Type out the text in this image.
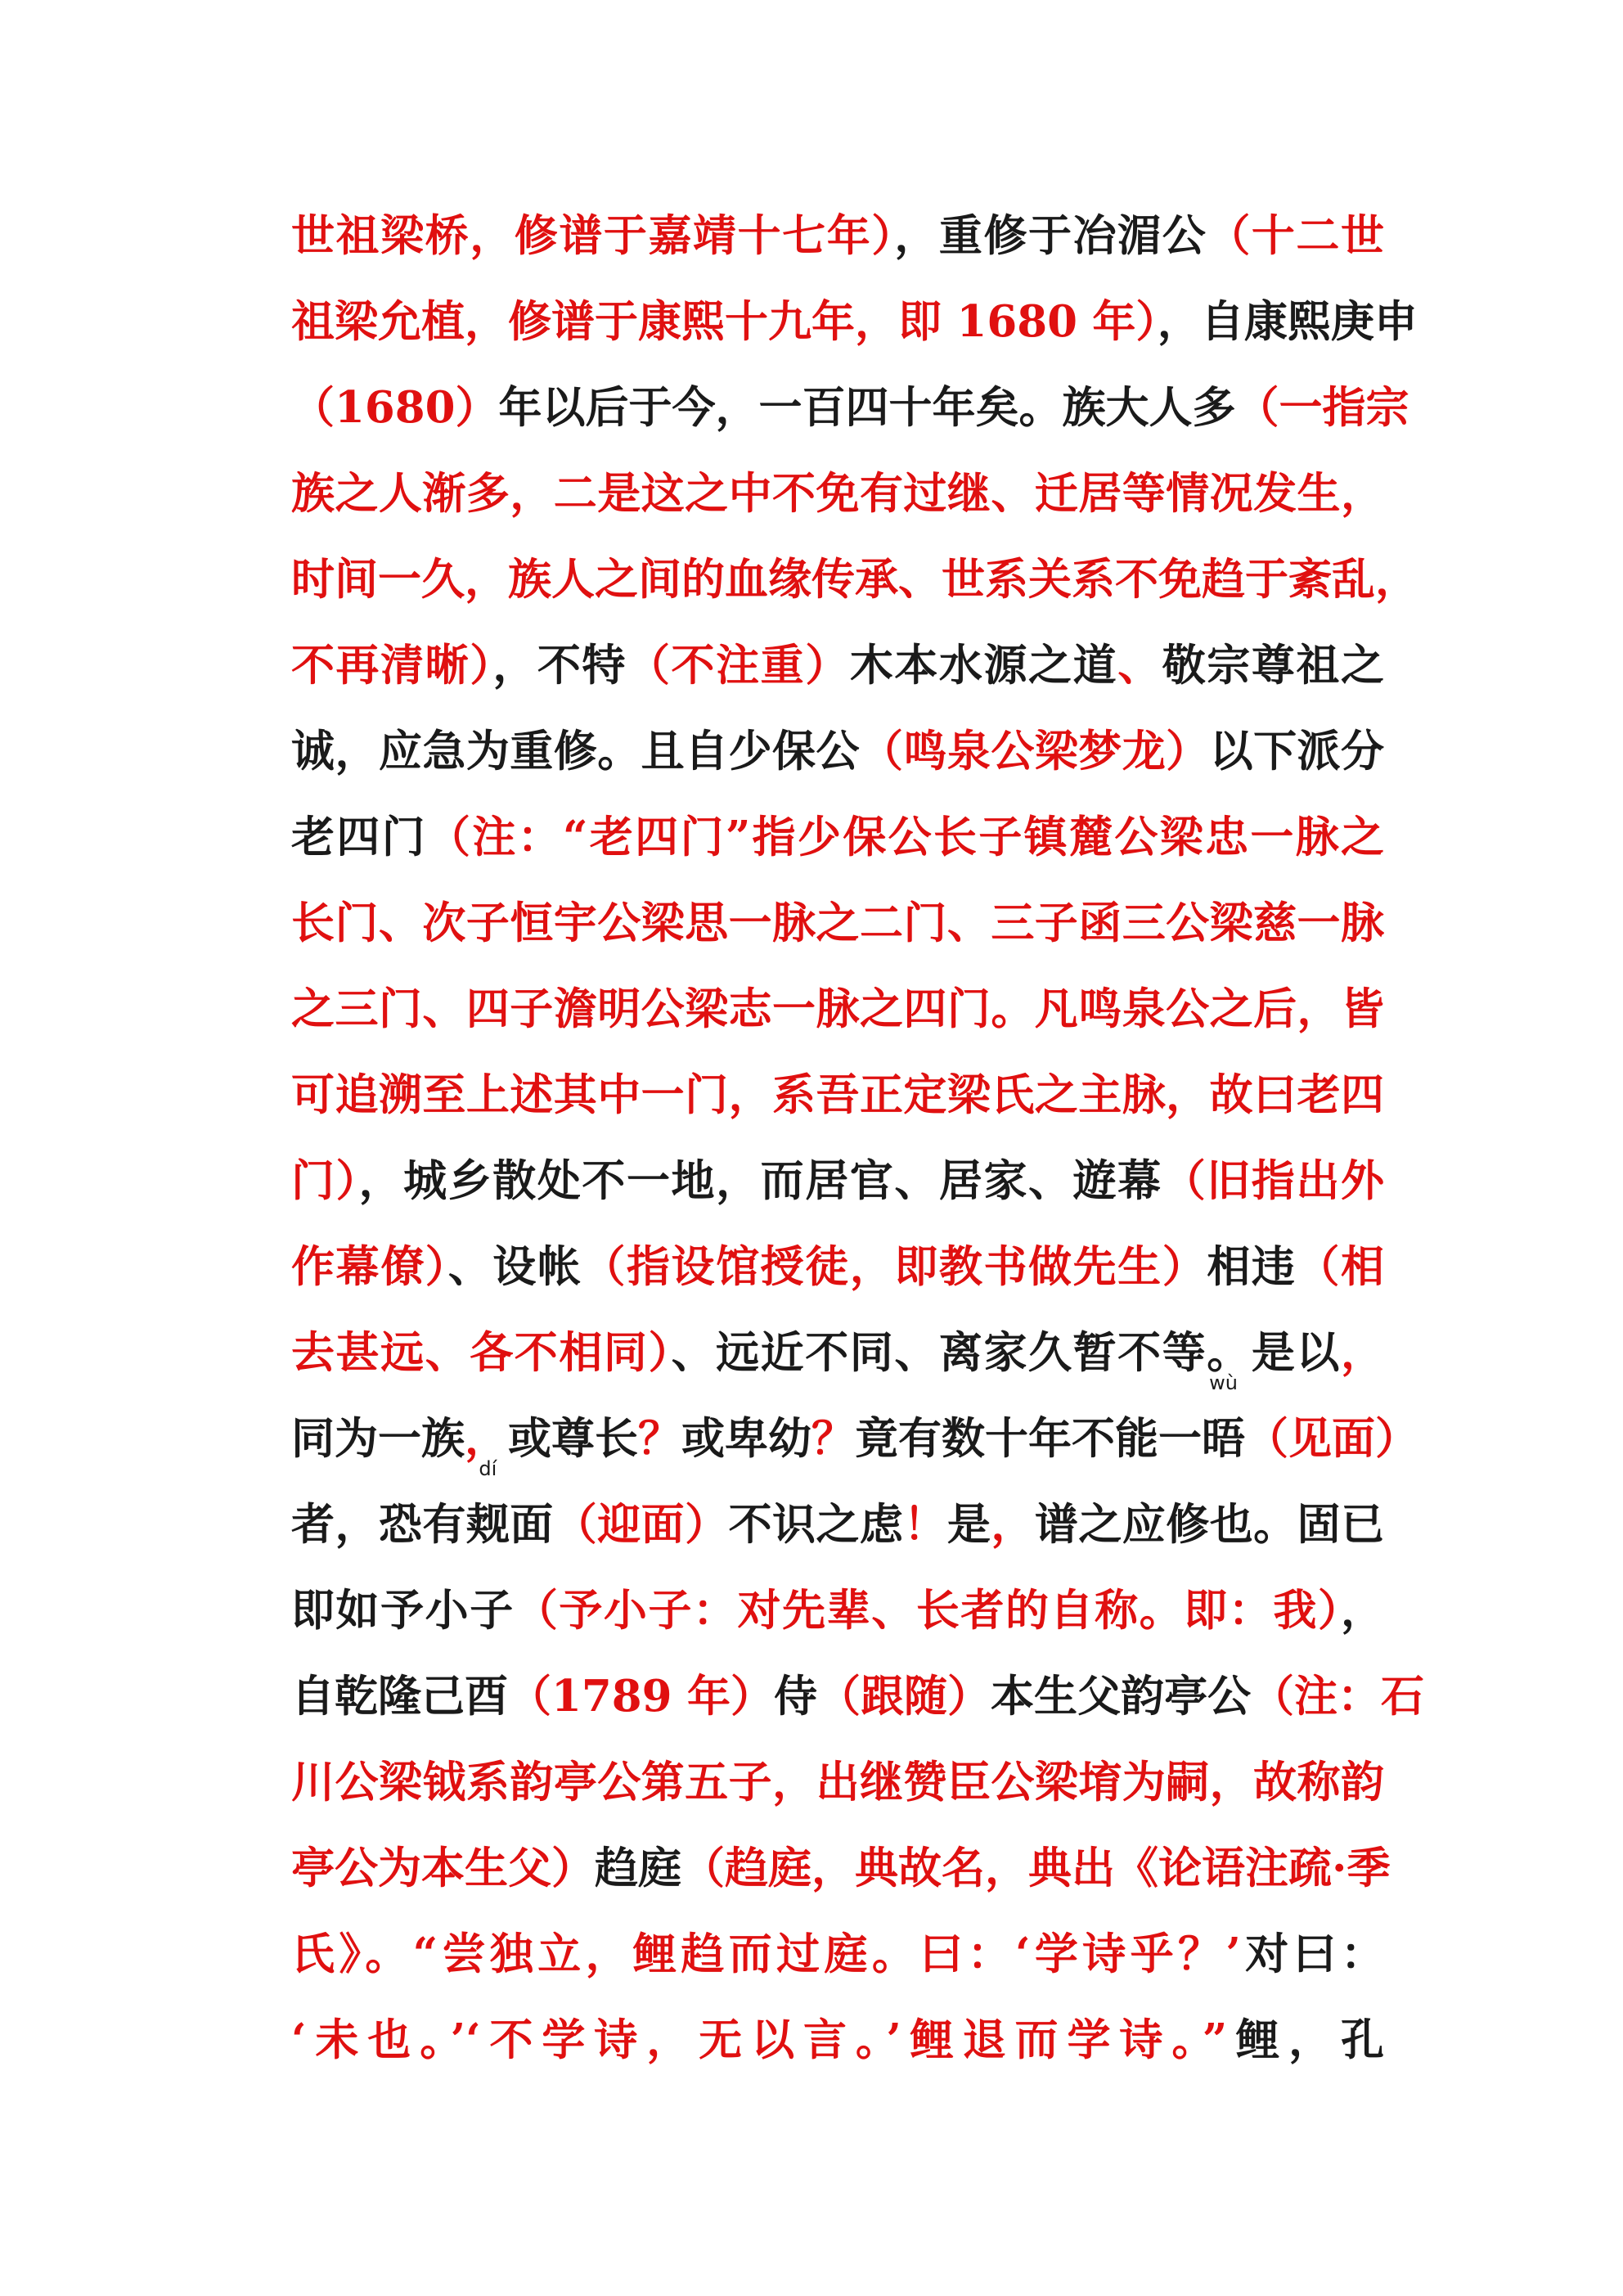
世祖梁桥，修谱于嘉靖十七年），重修于冶湄公（十二世
祖梁允植，修谱于康熙十九年，即 1680 年），自康熙庚申
（1680）年以后于今，一百四十年矣。族大人多（一指宗
族之人渐多，二是这之中不免有过继、迁居等情况发生，
时间一久，族人之间的血缘传承、世系关系不免趋于紊乱，
不再清晰），不特（不注重）木本水源之道、敬宗尊祖之
诚，应急为重修。且自少保公（鸣泉公梁梦龙）以下派分
老四门（注：“老四门”指少保公长子镇麓公梁忠一脉之
长门、次子恒宇公梁思一脉之二门、三子函三公梁慈一脉
之三门、四子澹明公梁志一脉之四门。凡鸣泉公之后，皆
可追溯至上述其中一门，系吾正定梁氏之主脉，故曰老四
门），城乡散处不一地，而居官、居家、遊幕（旧指出外
作幕僚）、设帐（指设馆授徒，即教书做先生）相违（相
去甚远、各不相同）、远近不同、离家久暂不等。是以，
同为一族，或尊长？或卑幼？竟有数十年不能一晤
wù
（见面）
者，恐有觌
dí
面（迎面）不识之虑！是，谱之应修也。固已
即如予小子（予小子：对先辈、长者的自称。即：我），
自乾隆己酉（1789 年）侍（跟随）本生父韵亭公（注：石
川公梁钺系韵亭公第五子，出继赞臣公梁堉为嗣，故称韵
亭公为本生父）趋庭（趋庭，典故名，典出《论语注疏·季
氏》。“尝独立，鲤趋而过庭。曰：‘学诗乎？’对曰：
‘未也。’‘不学诗，无以言。’鲤退而学诗。”鲤，孔
